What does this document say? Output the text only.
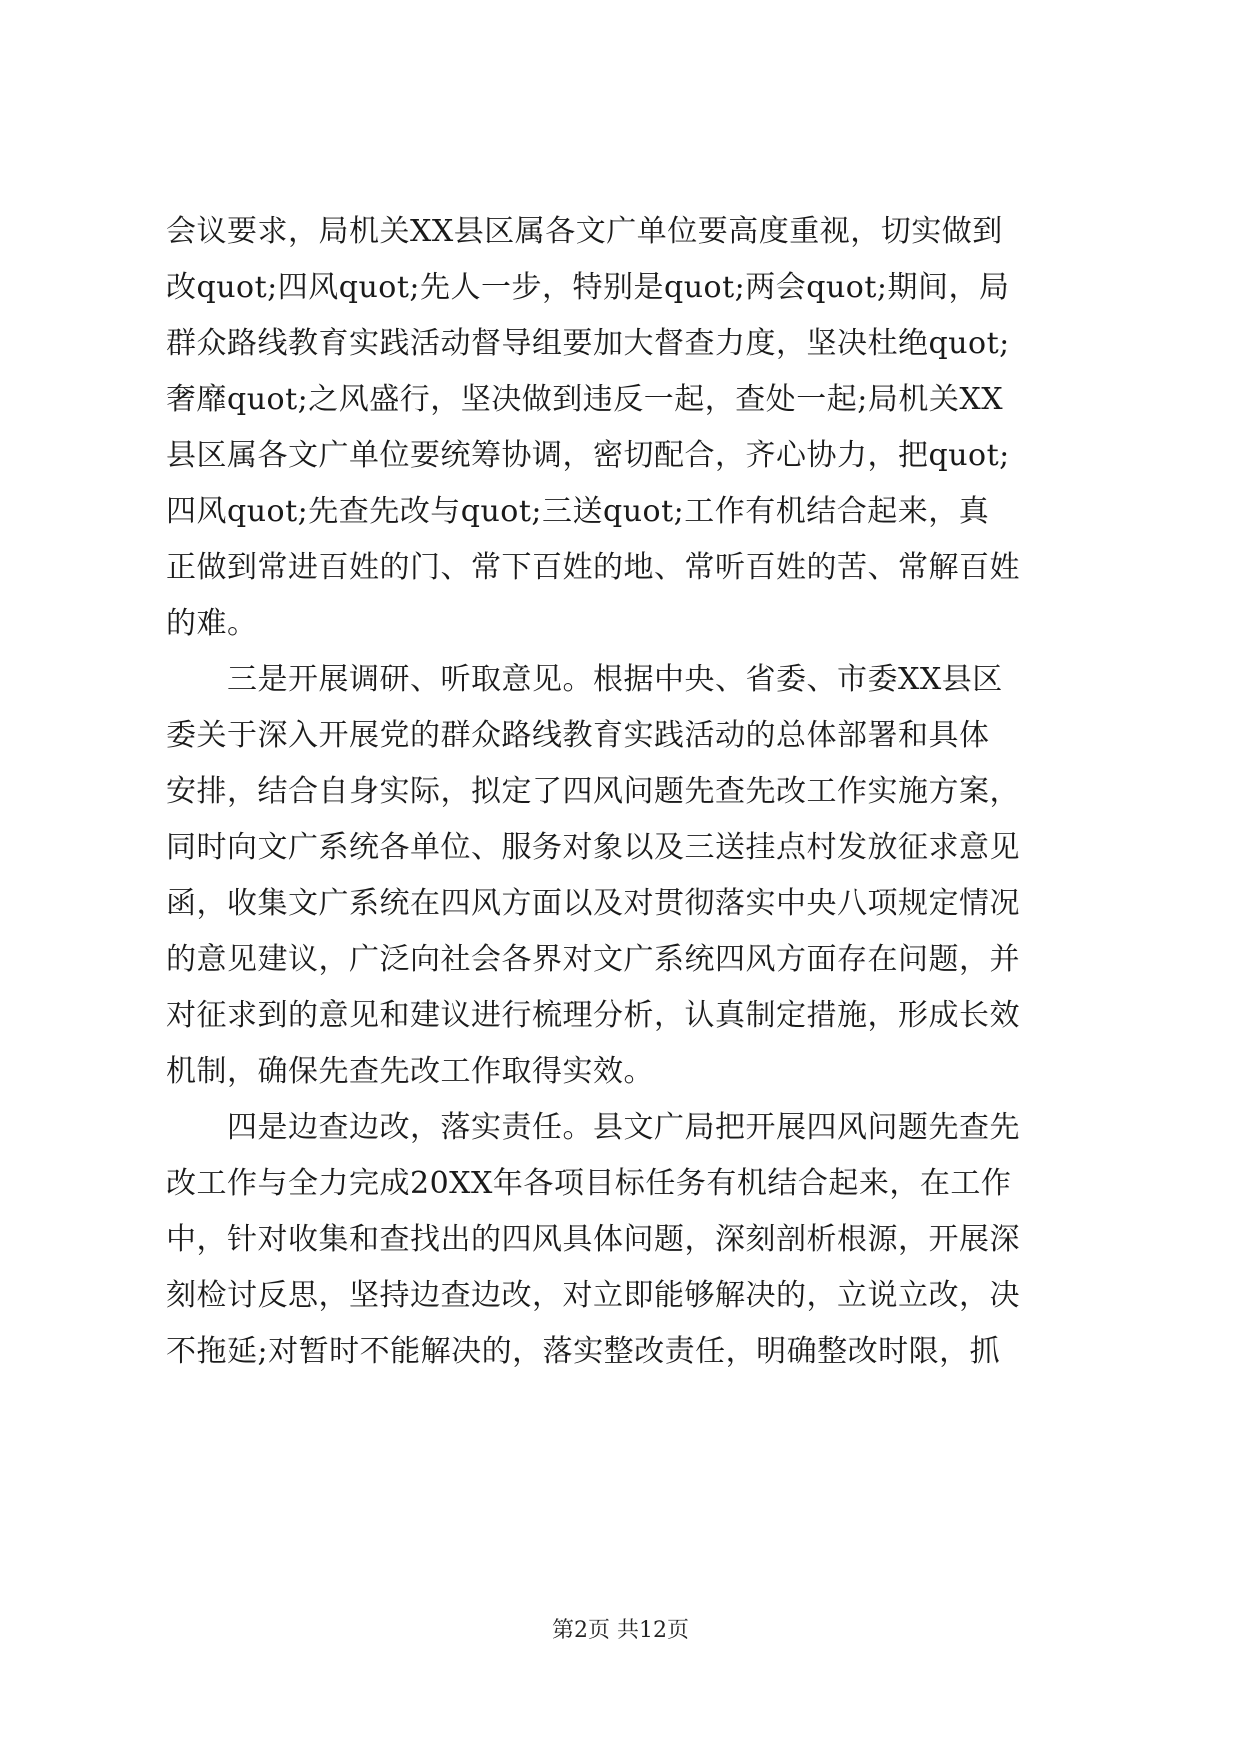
会议要求，局机关XX县区属各文广单位要高度重视，切实做到
改quot;四风quot;先人一步，特别是quot;两会quot;期间，局
群众路线教育实践活动督导组要加大督查力度，坚决杜绝quot;
奢靡quot;之风盛行，坚决做到违反一起，查处一起;局机关XX
县区属各文广单位要统筹协调，密切配合，齐心协力，把quot;
四风quot;先查先改与quot;三送quot;工作有机结合起来，真
正做到常进百姓的门、常下百姓的地、常听百姓的苦、常解百姓
的难。
　　三是开展调研、听取意见。根据中央、省委、市委XX县区
委关于深入开展党的群众路线教育实践活动的总体部署和具体
安排，结合自身实际，拟定了四风问题先查先改工作实施方案，
同时向文广系统各单位、服务对象以及三送挂点村发放征求意见
函，收集文广系统在四风方面以及对贯彻落实中央八项规定情况
的意见建议，广泛向社会各界对文广系统四风方面存在问题，并
对征求到的意见和建议进行梳理分析，认真制定措施，形成长效
机制，确保先查先改工作取得实效。
　　四是边查边改，落实责任。县文广局把开展四风问题先查先
改工作与全力完成20XX年各项目标任务有机结合起来，在工作
中，针对收集和查找出的四风具体问题，深刻剖析根源，开展深
刻检讨反思，坚持边查边改，对立即能够解决的，立说立改，决
不拖延;对暂时不能解决的，落实整改责任，明确整改时限，抓
第2页 共12页
